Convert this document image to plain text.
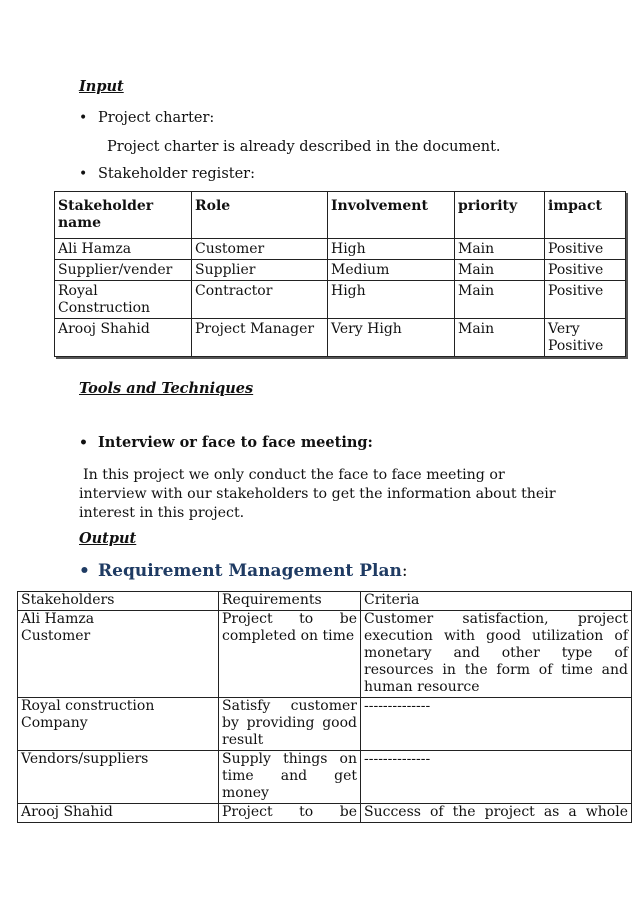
Input
• Project charter:
Project charter is already described in the document.
• Stakeholder register:
Stakeholder name	Role	Involvement	priority	impact
Ali Hamza	Customer	High	Main	Positive
Supplier/vender	Supplier	Medium	Main	Positive
Royal Construction	Contractor	High	Main	Positive
Arooj Shahid	Project Manager	Very High	Main	Very Positive
Tools and Techniques
• Interview or face to face meeting:
In this project we only conduct the face to face meeting or interview with our stakeholders to get the information about their interest in this project.
Output
• Requirement Management Plan :
Stakeholders	Requirements	Criteria
Ali Hamza Customer	Project to be completed on time	Customer satisfaction, project execution with good utilization of monetary and other type of resources in the form of time and human resource
Royal construction Company	Satisfy customer by providing good result	--------------
Vendors/suppliers	Supply things on time and get money	--------------
Arooj Shahid	Project to be	Success of the project as a whole
